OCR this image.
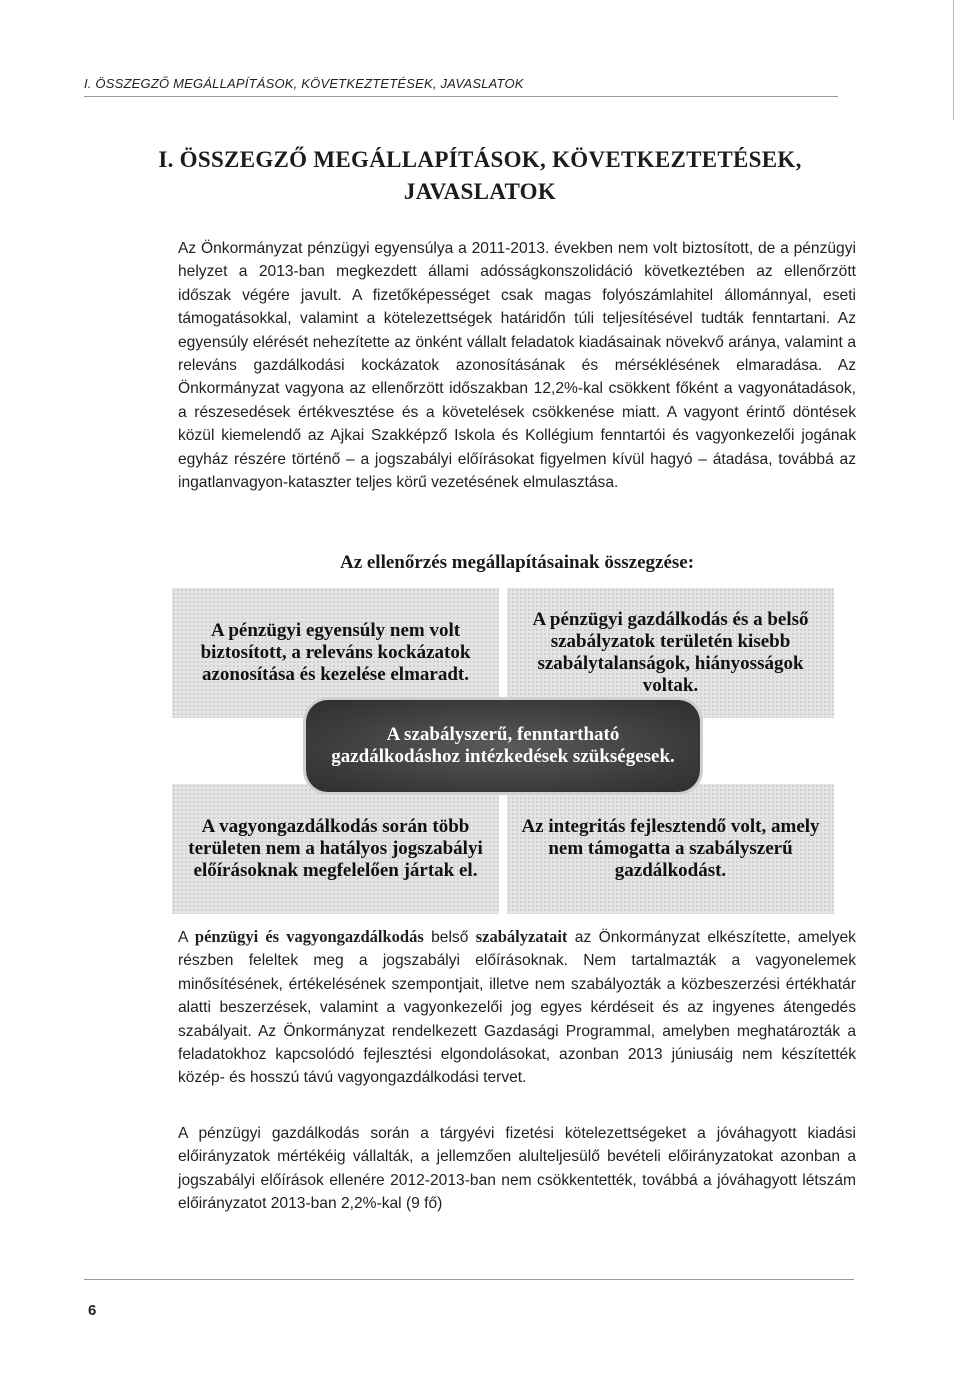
I. ÖSSZEGZŐ MEGÁLLAPÍTÁSOK, KÖVETKEZTETÉSEK, JAVASLATOK
I. ÖSSZEGZŐ MEGÁLLAPÍTÁSOK, KÖVETKEZTETÉSEK, JAVASLATOK

Az Önkormányzat pénzügyi egyensúlya a 2011-2013. években nem volt biztosított, de a pénzügyi helyzet a 2013-ban megkezdett állami adósságkonszolidáció következtében az ellenőrzött időszak végére javult. A fizetőképességet csak magas folyószámlahitel állománnyal, eseti támogatásokkal, valamint a kötelezettségek határidőn túli teljesítésével tudták fenntartani. Az egyensúly elérését nehezítette az önként vállalt feladatok kiadásainak növekvő aránya, valamint a releváns gazdálkodási kockázatok azonosításának és mérséklésének elmaradása. Az Önkormányzat vagyona az ellenőrzött időszakban 12,2%-kal csökkent főként a vagyonátadások, a részesedések értékvesztése és a követelések csökkenése miatt. A vagyont érintő döntések közül kiemelendő az Ajkai Szakképző Iskola és Kollégium fenntartói és vagyonkezelői jogának egyház részére történő – a jogszabályi előírásokat figyelmen kívül hagyó – átadása, továbbá az ingatlanvagyon-kataszter teljes körű vezetésének elmulasztása.

Az ellenőrzés megállapításainak összegzése:
A pénzügyi egyensúly nem volt biztosított, a releváns kockázatok azonosítása és kezelése elmaradt.
A pénzügyi gazdálkodás és a belső szabályzatok területén kisebb szabálytalanságok, hiányosságok voltak.
A vagyongazdálkodás során több területen nem a hatályos jogszabályi előírásoknak megfelelően jártak el.
Az integritás fejlesztendő volt, amely nem támogatta a szabályszerű gazdálkodást.
A szabályszerű, fenntartható gazdálkodáshoz intézkedések szükségesek.

A pénzügyi és vagyongazdálkodás belső szabályzatait az Önkormányzat elkészítette, amelyek részben feleltek meg a jogszabályi előírásoknak. Nem tartalmazták a vagyonelemek minősítésének, értékelésének szempontjait, illetve nem szabályozták a közbeszerzési értékhatár alatti beszerzések, valamint a vagyonkezelői jog egyes kérdéseit és az ingyenes átengedés szabályait. Az Önkormányzat rendelkezett Gazdasági Programmal, amelyben meghatározták a feladatokhoz kapcsolódó fejlesztési elgondolásokat, azonban 2013 júniusáig nem készítették közép- és hosszú távú vagyongazdálkodási tervet.

A pénzügyi gazdálkodás során a tárgyévi fizetési kötelezettségeket a jóváhagyott kiadási előirányzatok mértékéig vállalták, a jellemzően alulteljesülő bevételi előirányzatokat azonban a jogszabályi előírások ellenére 2012-2013-ban nem csökkentették, továbbá a jóváhagyott létszám előirányzatot 2013-ban 2,2%-kal (9 fő)

6
